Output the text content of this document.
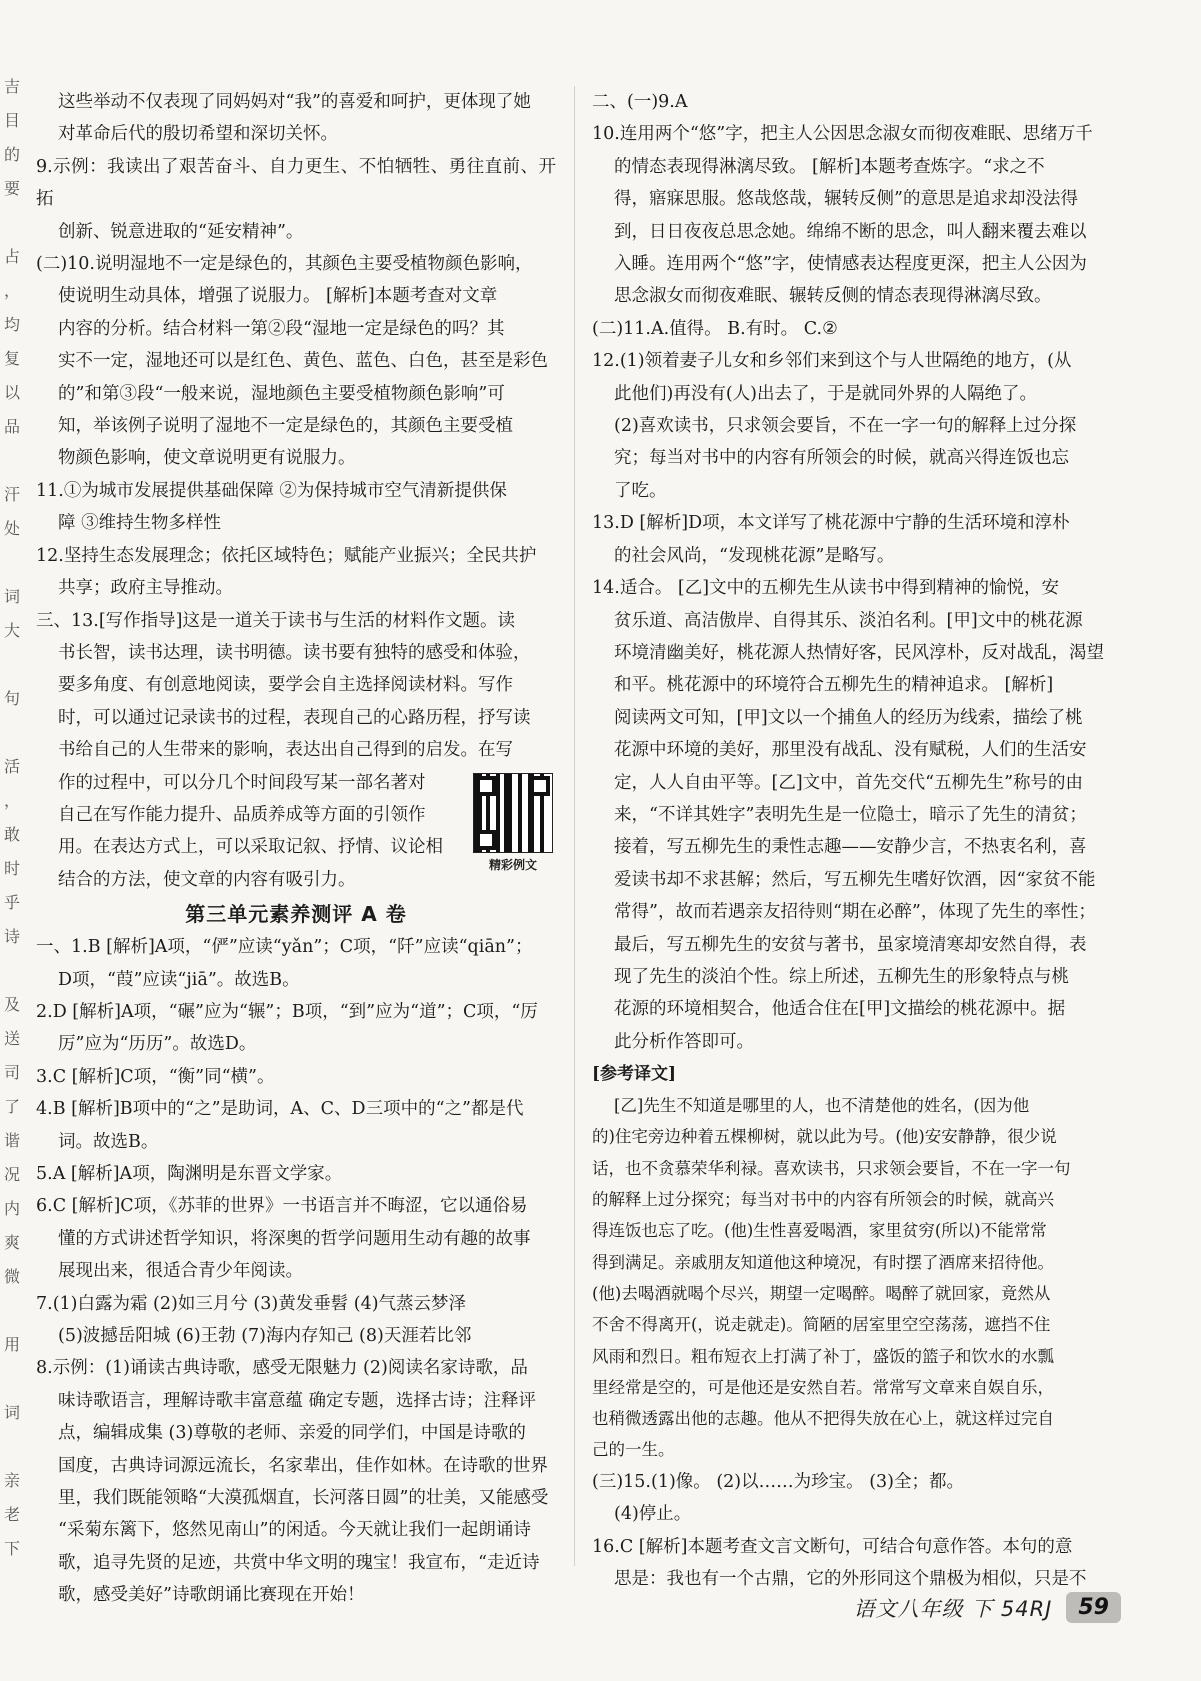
吉
目
的
要

占
，
均
复
以
品

汗
处

词
大

句

活
，
敢
时
乎
诗

及
送
司
了
谐
况
内
爽
微

用

词

亲
老
下
这些举动不仅表现了同妈妈对“我”的喜爱和呵护，更体现了她
对革命后代的殷切希望和深切关怀。
9.示例：我读出了艰苦奋斗、自力更生、不怕牺牲、勇往直前、开拓
创新、锐意进取的“延安精神”。
(二)10.说明湿地不一定是绿色的，其颜色主要受植物颜色影响，
使说明生动具体，增强了说服力。 [解析]本题考查对文章
内容的分析。结合材料一第②段“湿地一定是绿色的吗？其
实不一定，湿地还可以是红色、黄色、蓝色、白色，甚至是彩色
的”和第③段“一般来说，湿地颜色主要受植物颜色影响”可
知，举该例子说明了湿地不一定是绿色的，其颜色主要受植
物颜色影响，使文章说明更有说服力。
11.①为城市发展提供基础保障 ②为保持城市空气清新提供保
障 ③维持生物多样性
12.坚持生态发展理念；依托区域特色；赋能产业振兴；全民共护
共享；政府主导推动。
三、13.[写作指导]这是一道关于读书与生活的材料作文题。读
书长智，读书达理，读书明德。读书要有独特的感受和体验，
要多角度、有创意地阅读，要学会自主选择阅读材料。写作
时，可以通过记录读书的过程，表现自己的心路历程，抒写读
书给自己的人生带来的影响，表达出自己得到的启发。在写
精彩例文
作的过程中，可以分几个时间段写某一部名著对
自己在写作能力提升、品质养成等方面的引领作
用。在表达方式上，可以采取记叙、抒情、议论相
结合的方法，使文章的内容有吸引力。
第三单元素养测评 A 卷
一、1.B [解析]A项，“俨”应读“yǎn”；C项，“阡”应读“qiān”；
D项，“葭”应读“jiā”。故选B。
2.D [解析]A项，“碾”应为“辗”；B项，“到”应为“道”；C项，“厉
厉”应为“历历”。故选D。
3.C [解析]C项，“衡”同“横”。
4.B [解析]B项中的“之”是助词，A、C、D三项中的“之”都是代
词。故选B。
5.A [解析]A项，陶渊明是东晋文学家。
6.C [解析]C项，《苏菲的世界》一书语言并不晦涩，它以通俗易
懂的方式讲述哲学知识，将深奥的哲学问题用生动有趣的故事
展现出来，很适合青少年阅读。
7.(1)白露为霜 (2)如三月兮 (3)黄发垂髫 (4)气蒸云梦泽
(5)波撼岳阳城 (6)王勃 (7)海内存知己 (8)天涯若比邻
8.示例：(1)诵读古典诗歌，感受无限魅力 (2)阅读名家诗歌，品
味诗歌语言，理解诗歌丰富意蕴 确定专题，选择古诗；注释评
点，编辑成集 (3)尊敬的老师、亲爱的同学们，中国是诗歌的
国度，古典诗词源远流长，名家辈出，佳作如林。在诗歌的世界
里，我们既能领略“大漠孤烟直，长河落日圆”的壮美，又能感受
“采菊东篱下，悠然见南山”的闲适。今天就让我们一起朗诵诗
歌，追寻先贤的足迹，共赏中华文明的瑰宝！我宣布，“走近诗
歌，感受美好”诗歌朗诵比赛现在开始！
二、(一)9.A
10.连用两个“悠”字，把主人公因思念淑女而彻夜难眠、思绪万千
的情态表现得淋漓尽致。 [解析]本题考查炼字。“求之不
得，寤寐思服。悠哉悠哉，辗转反侧”的意思是追求却没法得
到，日日夜夜总思念她。绵绵不断的思念，叫人翻来覆去难以
入睡。连用两个“悠”字，使情感表达程度更深，把主人公因为
思念淑女而彻夜难眠、辗转反侧的情态表现得淋漓尽致。
(二)11.A.值得。 B.有时。 C.②
12.(1)领着妻子儿女和乡邻们来到这个与人世隔绝的地方，(从
此他们)再没有(人)出去了，于是就同外界的人隔绝了。
(2)喜欢读书，只求领会要旨，不在一字一句的解释上过分探
究；每当对书中的内容有所领会的时候，就高兴得连饭也忘
了吃。
13.D [解析]D项，本文详写了桃花源中宁静的生活环境和淳朴
的社会风尚，“发现桃花源”是略写。
14.适合。 [乙]文中的五柳先生从读书中得到精神的愉悦，安
贫乐道、高洁傲岸、自得其乐、淡泊名利。[甲]文中的桃花源
环境清幽美好，桃花源人热情好客，民风淳朴，反对战乱，渴望
和平。桃花源中的环境符合五柳先生的精神追求。 [解析]
阅读两文可知，[甲]文以一个捕鱼人的经历为线索，描绘了桃
花源中环境的美好，那里没有战乱、没有赋税，人们的生活安
定，人人自由平等。[乙]文中，首先交代“五柳先生”称号的由
来，“不详其姓字”表明先生是一位隐士，暗示了先生的清贫；
接着，写五柳先生的秉性志趣——安静少言，不热衷名利，喜
爱读书却不求甚解；然后，写五柳先生嗜好饮酒，因“家贫不能
常得”，故而若遇亲友招待则“期在必醉”，体现了先生的率性；
最后，写五柳先生的安贫与著书，虽家境清寒却安然自得，表
现了先生的淡泊个性。综上所述，五柳先生的形象特点与桃
花源的环境相契合，他适合住在[甲]文描绘的桃花源中。据
此分析作答即可。
[参考译文]
[乙]先生不知道是哪里的人，也不清楚他的姓名，(因为他
的)住宅旁边种着五棵柳树，就以此为号。(他)安安静静，很少说
话，也不贪慕荣华利禄。喜欢读书，只求领会要旨，不在一字一句
的解释上过分探究；每当对书中的内容有所领会的时候，就高兴
得连饭也忘了吃。(他)生性喜爱喝酒，家里贫穷(所以)不能常常
得到满足。亲戚朋友知道他这种境况，有时摆了酒席来招待他。
(他)去喝酒就喝个尽兴，期望一定喝醉。喝醉了就回家，竟然从
不舍不得离开(，说走就走)。简陋的居室里空空荡荡，遮挡不住
风雨和烈日。粗布短衣上打满了补丁，盛饭的篮子和饮水的水瓢
里经常是空的，可是他还是安然自若。常常写文章来自娱自乐，
也稍微透露出他的志趣。他从不把得失放在心上，就这样过完自
己的一生。
(三)15.(1)像。 (2)以……为珍宝。 (3)全；都。
(4)停止。
16.C [解析]本题考查文言文断句，可结合句意作答。本句的意
思是：我也有一个古鼎，它的外形同这个鼎极为相似，只是不
语文八年级 下 54RJ	59
